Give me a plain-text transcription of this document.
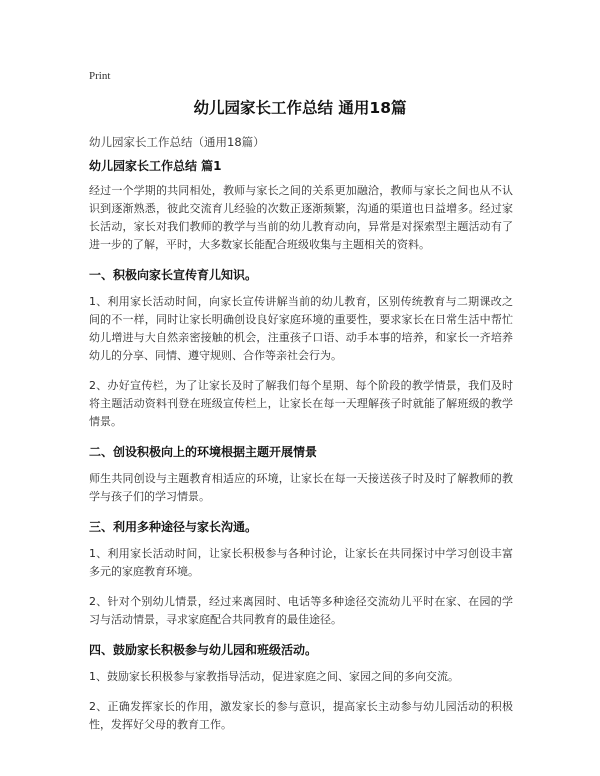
Print
幼儿园家长工作总结 通用18篇
幼儿园家长工作总结（通用18篇）
幼儿园家长工作总结 篇1

经过一个学期的共同相处，教师与家长之间的关系更加融洽，教师与家长之间也从不认识到逐渐熟悉，彼此交流育儿经验的次数正逐渐频繁，沟通的渠道也日益增多。经过家长活动，家长对我们教师的教学与当前的幼儿教育动向，异常是对探索型主题活动有了进一步的了解，平时，大多数家长能配合班级收集与主题相关的资料。

一、积极向家长宣传育儿知识。

1、利用家长活动时间，向家长宣传讲解当前的幼儿教育，区别传统教育与二期课改之间的不一样，同时让家长明确创设良好家庭环境的重要性，要求家长在日常生活中帮忙幼儿增进与大自然亲密接触的机会，注重孩子口语、动手本事的培养，和家长一齐培养幼儿的分享、同情、遵守规则、合作等亲社会行为。

2、办好宣传栏，为了让家长及时了解我们每个星期、每个阶段的教学情景，我们及时将主题活动资料刊登在班级宣传栏上，让家长在每一天理解孩子时就能了解班级的教学情景。

二、创设积极向上的环境根据主题开展情景

师生共同创设与主题教育相适应的环境，让家长在每一天接送孩子时及时了解教师的教学与孩子们的学习情景。

三、利用多种途径与家长沟通。

1、利用家长活动时间，让家长积极参与各种讨论，让家长在共同探讨中学习创设丰富多元的家庭教育环境。

2、针对个别幼儿情景，经过来离园时、电话等多种途径交流幼儿平时在家、在园的学习与活动情景，寻求家庭配合共同教育的最佳途径。

四、鼓励家长积极参与幼儿园和班级活动。

1、鼓励家长积极参与家教指导活动，促进家庭之间、家园之间的多向交流。

2、正确发挥家长的作用，激发家长的参与意识，提高家长主动参与幼儿园活动的积极性，发挥好父母的教育工作。
